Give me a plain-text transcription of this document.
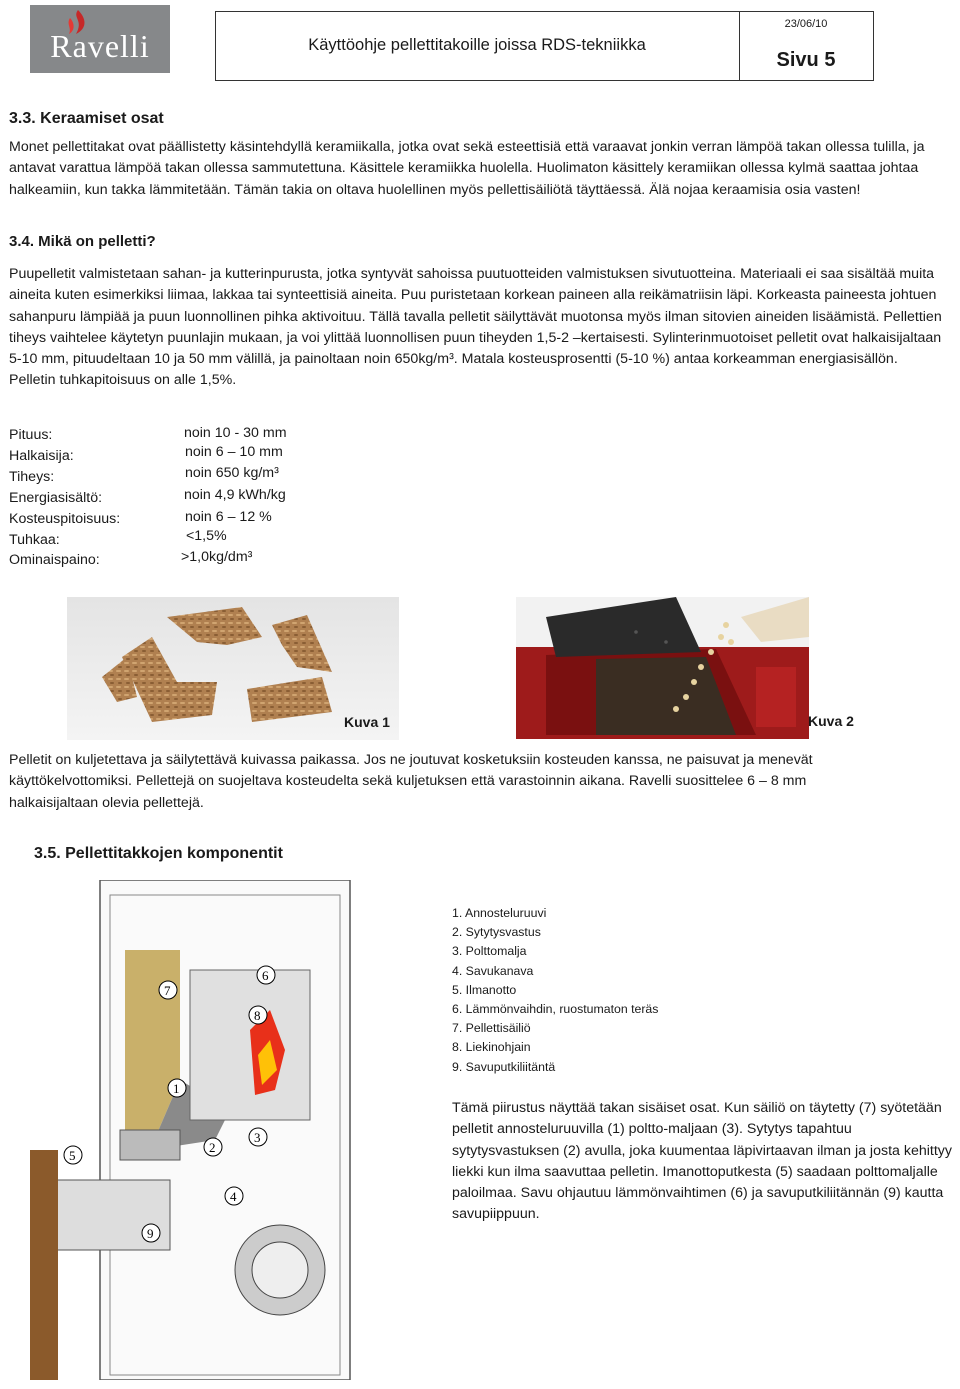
Ravelli	Käyttöohje pellettitakoille joissa RDS-tekniikka
23/06/10
Sivu 5
3.3. Keraamiset osat

Monet pellettitakat ovat päällistetty käsintehdyllä keramiikalla, jotka ovat sekä esteettisiä että varaavat jonkin verran lämpöä takan ollessa tulilla, ja antavat varattua lämpöä takan ollessa sammutettuna. Käsittele keramiikka huolella. Huolimaton käsittely keramiikan ollessa kylmä saattaa johtaa halkeamiin, kun takka lämmitetään. Tämän takia on oltava huolellinen myös pellettisäiliötä täyttäessä. Älä nojaa keraamisia osia vasten!

3.4. Mikä on pelletti?

Puupelletit valmistetaan sahan- ja kutterinpurusta, jotka syntyvät sahoissa puutuotteiden valmistuksen sivutuotteina. Materiaali ei saa sisältää muita aineita kuten esimerkiksi liimaa, lakkaa tai synteettisiä aineita. Puu puristetaan korkean paineen alla reikämatriisin läpi. Korkeasta paineesta johtuen sahanpuru lämpiää ja puun luonnollinen pihka aktivoituu. Tällä tavalla pelletit säilyttävät muotonsa myös ilman sitovien aineiden lisäämistä. Pellettien tiheys vaihtelee käytetyn puunlajin mukaan, ja voi ylittää luonnollisen puun tiheyden 1,5-2 –kertaisesti. Sylinterinmuotoiset pelletit ovat halkaisijaltaan 5-10 mm, pituudeltaan 10 ja 50 mm välillä, ja painoltaan noin 650kg/m³. Matala kosteusprosentti (5-10 %) antaa korkeamman energiasisällön. Pelletin tuhkapitoisuus on alle 1,5%.

Pituus:
Halkaisija:
Tiheys:
Energiasisältö:
Kosteuspitoisuus:
Tuhkaa:
Ominaispaino:
noin 10 - 30 mm
noin 6 – 10 mm
noin 650 kg/m³
noin 4,9 kWh/kg
noin 6 – 12 %
<1,5%
>1,0kg/dm³
Kuva 1	Kuva 2

Pelletit on kuljetettava ja säilytettävä kuivassa paikassa. Jos ne joutuvat kosketuksiin kosteuden kanssa, ne paisuvat ja menevät käyttökelvottomiksi. Pellettejä on suojeltava kosteudelta sekä kuljetuksen että varastoinnin aikana. Ravelli suosittelee 6 – 8 mm halkaisijaltaan olevia pellettejä.

3.5. Pellettitakkojen komponentit
7
6
8
1
5
2
3
4
9
1. Annosteluruuvi
2. Sytytysvastus
3. Polttomalja
4. Savukanava
5. Ilmanotto
6. Lämmönvaihdin, ruostumaton teräs
7. Pellettisäiliö
8. Liekinohjain
9. Savuputkiliitäntä

Tämä piirustus näyttää takan sisäiset osat. Kun säiliö on täytetty (7) syötetään pelletit annosteluruuvilla (1) poltto-maljaan (3). Sytytys tapahtuu sytytysvastuksen (2) avulla, joka kuumentaa läpivirtaavan ilman ja josta kehittyy liekki kun ilma saavuttaa pelletin. Imanottoputkesta (5) saadaan polttomaljalle paloilmaa. Savu ohjautuu lämmönvaihtimen (6) ja savuputkiliitännän (9) kautta savupiippuun.
